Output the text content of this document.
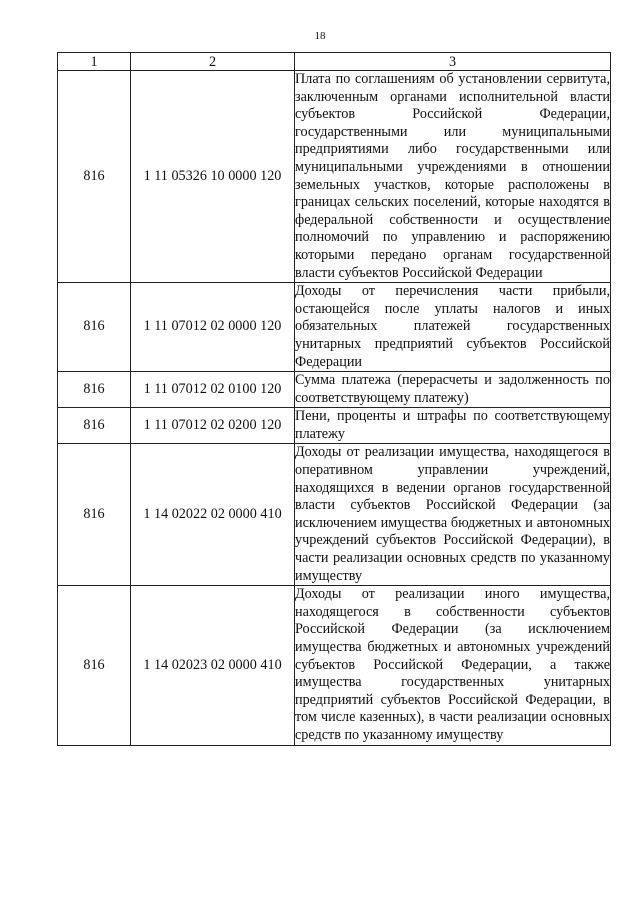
18
1	2	3
816	1 11 05326 10 0000 120	Плата по соглашениям об установлении сервитута, заключенным органами исполнительной власти субъектов Российской Федерации, государственными или муниципальными предприятиями либо государственными или муниципальными учреждениями в отношении земельных участков, которые расположены в границах сельских поселений, которые находятся в федеральной собственности и осуществление полномочий по управлению и распоряжению которыми передано органам государственной власти субъектов Российской Федерации
816	1 11 07012 02 0000 120	Доходы от перечисления части прибыли, остающейся после уплаты налогов и иных обязательных платежей государственных унитарных предприятий субъектов Российской Федерации
816	1 11 07012 02 0100 120	Сумма платежа (перерасчеты и задолженность по соответствующему платежу)
816	1 11 07012 02 0200 120	Пени, проценты и штрафы по соответствующему платежу
816	1 14 02022 02 0000 410	Доходы от реализации имущества, находящегося в оперативном управлении учреждений, находящихся в ведении органов государственной власти субъектов Российской Федерации (за исключением имущества бюджетных и автономных учреждений субъектов Российской Федерации), в части реализации основных средств по указанному имуществу
816	1 14 02023 02 0000 410	Доходы от реализации иного имущества, находящегося в собственности субъектов Российской Федерации (за исключением имущества бюджетных и автономных учреждений субъектов Российской Федерации, а также имущества государственных унитарных предприятий субъектов Российской Федерации, в том числе казенных), в части реализации основных средств по указанному имуществу
